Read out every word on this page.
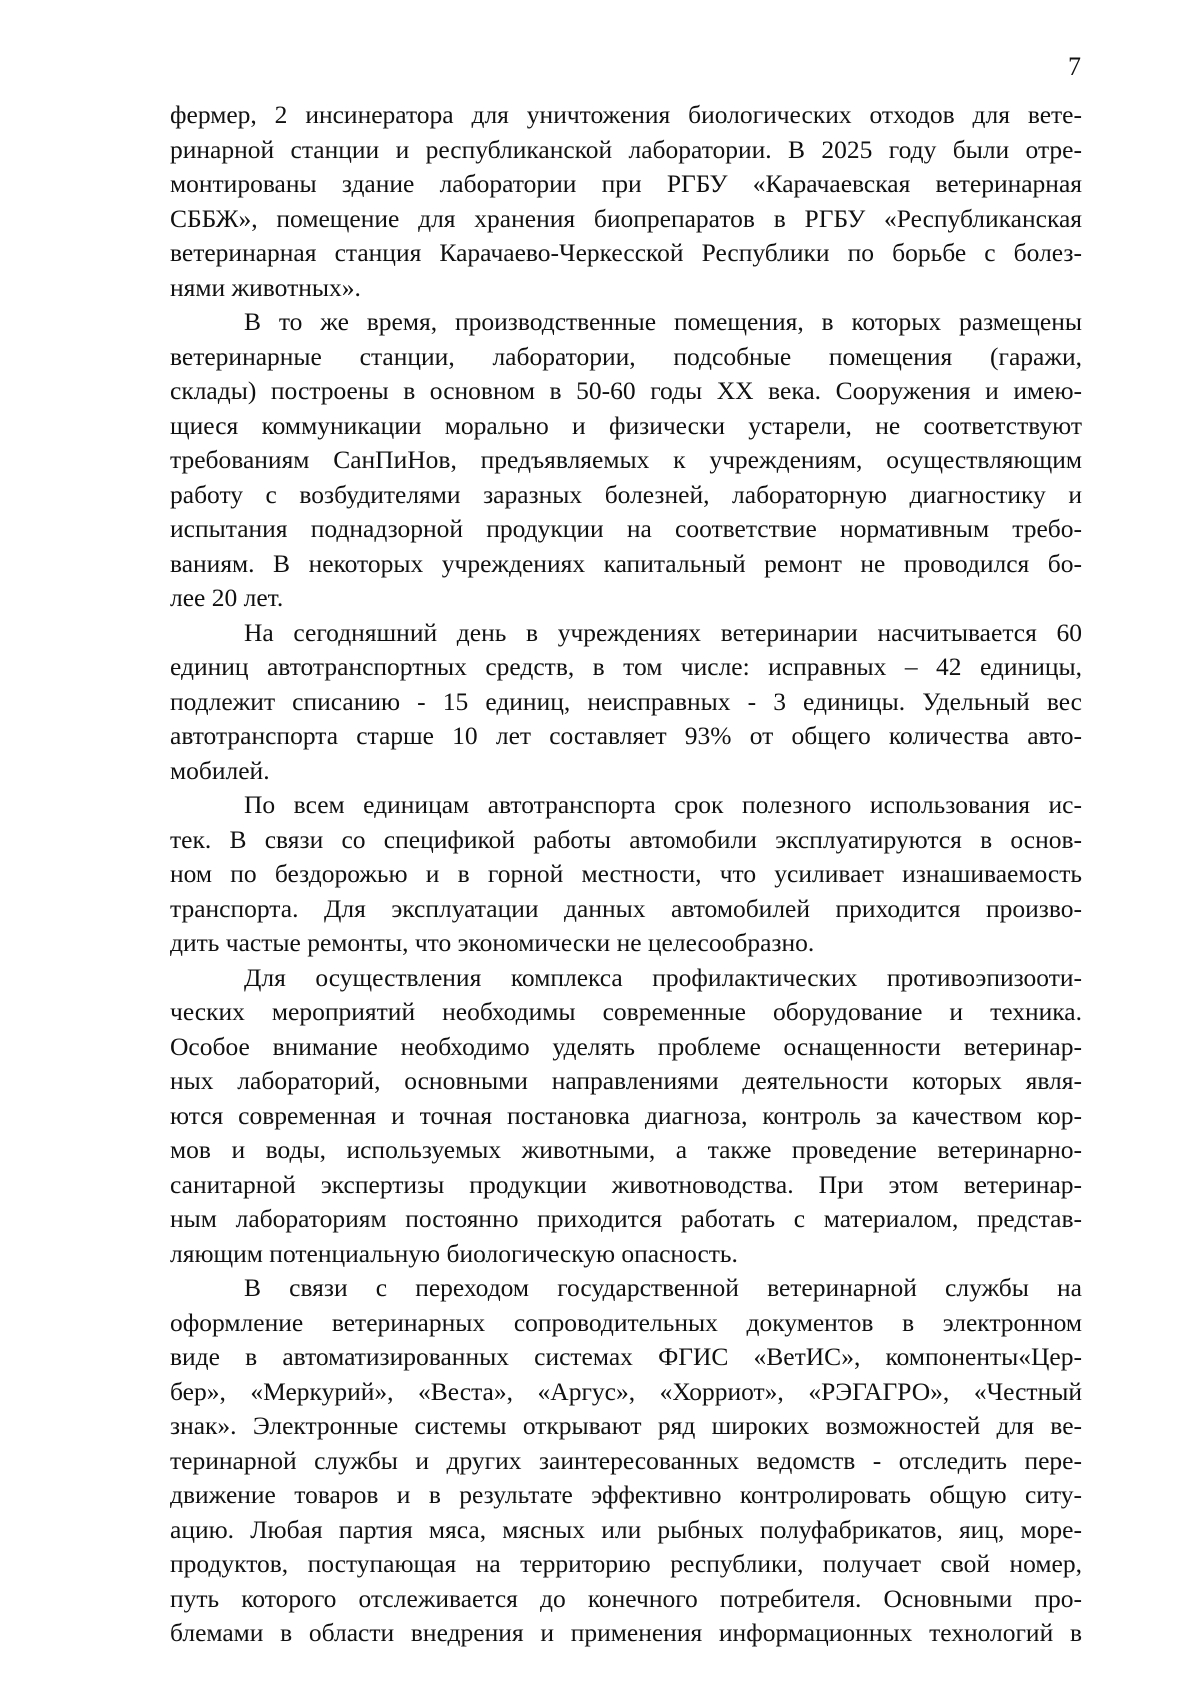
7
фермер, 2 инсинератора для уничтожения биологических отходов для вете-
ринарной станции и республиканской лаборатории. В 2025 году были отре-
монтированы здание лаборатории при РГБУ «Карачаевская ветеринарная
СББЖ», помещение для хранения биопрепаратов в РГБУ «Республиканская
ветеринарная станция Карачаево-Черкесской Республики по борьбе с болез-
нями животных».
В то же время, производственные помещения, в которых размещены
ветеринарные станции, лаборатории, подсобные помещения (гаражи,
склады) построены в основном в 50-60 годы XX века. Сооружения и имею-
щиеся коммуникации морально и физически устарели, не соответствуют
требованиям СанПиНов, предъявляемых к учреждениям, осуществляющим
работу с возбудителями заразных болезней, лабораторную диагностику и
испытания поднадзорной продукции на соответствие нормативным требо-
ваниям. В некоторых учреждениях капитальный ремонт не проводился бо-
лее 20 лет.
На сегодняшний день в учреждениях ветеринарии насчитывается 60
единиц автотранспортных средств, в том числе: исправных – 42 единицы,
подлежит списанию - 15 единиц, неисправных - 3 единицы. Удельный вес
автотранспорта старше 10 лет составляет 93% от общего количества авто-
мобилей.
По всем единицам автотранспорта срок полезного использования ис-
тек. В связи со спецификой работы автомобили эксплуатируются в основ-
ном по бездорожью и в горной местности, что усиливает изнашиваемость
транспорта. Для эксплуатации данных автомобилей приходится произво-
дить частые ремонты, что экономически не целесообразно.
Для осуществления комплекса профилактических противоэпизооти-
ческих мероприятий необходимы современные оборудование и техника.
Особое внимание необходимо уделять проблеме оснащенности ветеринар-
ных лабораторий, основными направлениями деятельности которых явля-
ются современная и точная постановка диагноза, контроль за качеством кор-
мов и воды, используемых животными, а также проведение ветеринарно-
санитарной экспертизы продукции животноводства. При этом ветеринар-
ным лабораториям постоянно приходится работать с материалом, представ-
ляющим потенциальную биологическую опасность.
В связи с переходом государственной ветеринарной службы на
оформление ветеринарных сопроводительных документов в электронном
виде в автоматизированных системах ФГИС «ВетИС», компоненты«Цер-
бер», «Меркурий», «Веста», «Аргус», «Хорриот», «РЭГАГРО», «Честный
знак». Электронные системы открывают ряд широких возможностей для ве-
теринарной службы и других заинтересованных ведомств - отследить пере-
движение товаров и в результате эффективно контролировать общую ситу-
ацию. Любая партия мяса, мясных или рыбных полуфабрикатов, яиц, море-
продуктов, поступающая на территорию республики, получает свой номер,
путь которого отслеживается до конечного потребителя. Основными про-
блемами в области внедрения и применения информационных технологий в
